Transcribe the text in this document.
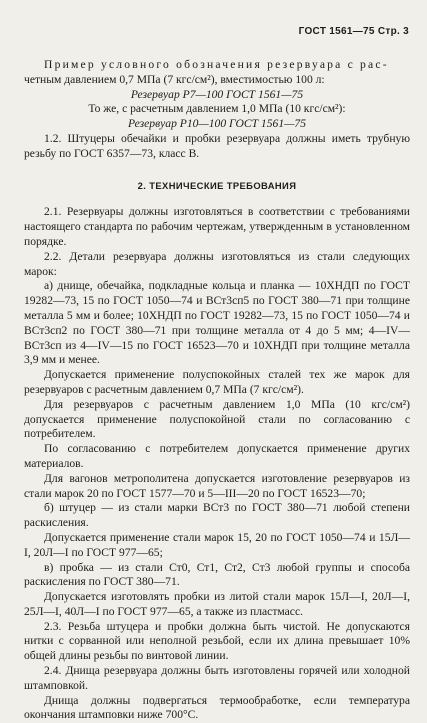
ГОСТ 1561—75 Стр. 3

Пример условного обозначения резервуара с рас-

четным давлением 0,7 МПа (7 кгс/см²), вместимостью 100 л:

Резервуар Р7—100 ГОСТ 1561—75

То же, с расчетным давлением 1,0 МПа (10 кгс/см²):

Резервуар Р10—100 ГОСТ 1561—75

1.2. Штуцеры обечайки и пробки резервуара должны иметь трубную резьбу по ГОСТ 6357—73, класс В.

2. ТЕХНИЧЕСКИЕ ТРЕБОВАНИЯ

2.1. Резервуары должны изготовляться в соответствии с требованиями настоящего стандарта по рабочим чертежам, утвержденным в установленном порядке.

2.2. Детали резервуара должны изготовляться из стали следующих марок:

а) днище, обечайка, подкладные кольца и планка — 10ХНДП по ГОСТ 19282—73, 15 по ГОСТ 1050—74 и ВСт3сп5 по ГОСТ 380—71 при толщине металла 5 мм и более; 10ХНДП по ГОСТ 19282—73, 15 по ГОСТ 1050—74 и ВСт3сп2 по ГОСТ 380—71 при толщине металла от 4 до 5 мм; 4—IV—ВСт3сп из 4—IV—15 по ГОСТ 16523—70 и 10ХНДП при толщине металла 3,9 мм и менее.

Допускается применение полуспокойных сталей тех же марок для резервуаров с расчетным давлением 0,7 МПа (7 кгс/см²).

Для резервуаров с расчетным давлением 1,0 МПа (10 кгс/см²) допускается применение полуспокойной стали по согласованию с потребителем.

По согласованию с потребителем допускается применение других материалов.

Для вагонов метрополитена допускается изготовление резервуаров из стали марок 20 по ГОСТ 1577—70 и 5—III—20 по ГОСТ 16523—70;

б) штуцер — из стали марки ВСт3 по ГОСТ 380—71 любой степени раскисления.

Допускается применение стали марок 15, 20 по ГОСТ 1050—74 и 15Л—I, 20Л—I по ГОСТ 977—65;

в) пробка — из стали Ст0, Ст1, Ст2, Ст3 любой группы и способа раскисления по ГОСТ 380—71.

Допускается изготовлять пробки из литой стали марок 15Л—I, 20Л—I, 25Л—I, 40Л—I по ГОСТ 977—65, а также из пластмасс.

2.3. Резьба штуцера и пробки должна быть чистой. Не допускаются нитки с сорванной или неполной резьбой, если их длина превышает 10% общей длины резьбы по винтовой линии.

2.4. Днища резервуара должны быть изготовлены горячей или холодной штамповкой.

Днища должны подвергаться термообработке, если температура окончания штамповки ниже 700°С.
